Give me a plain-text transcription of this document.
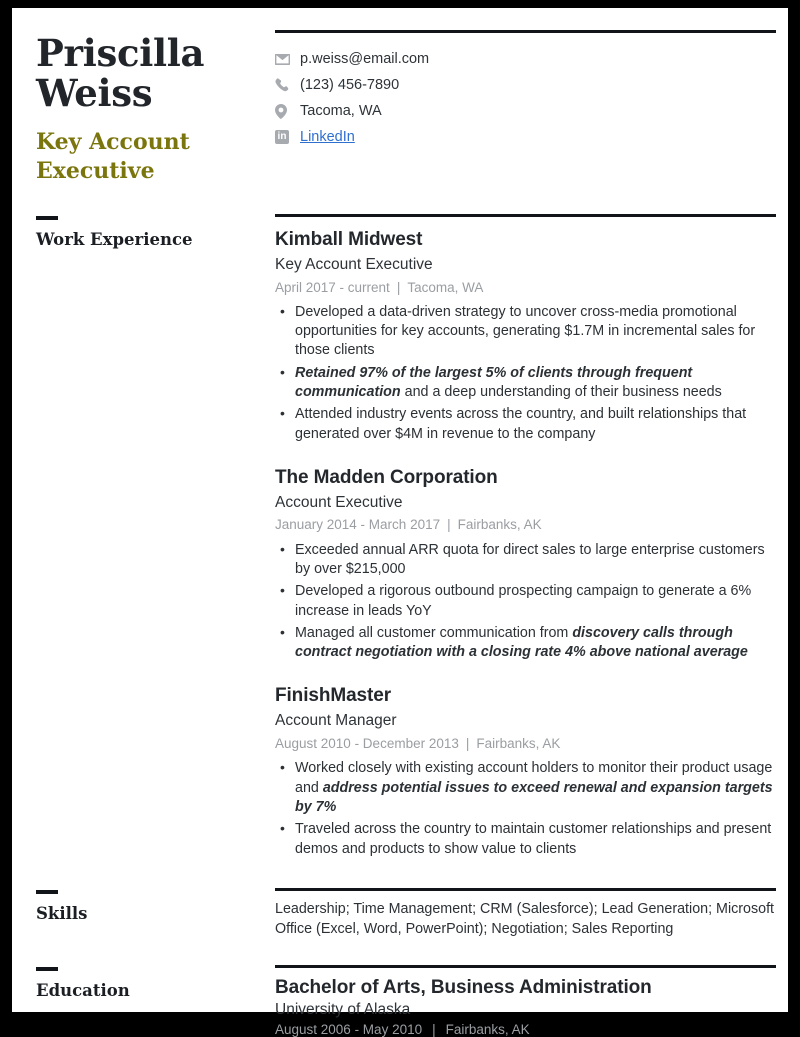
Priscilla
Weiss
Key Account
Executive
p.weiss@email.com
(123) 456-7890
Tacoma, WA
in LinkedIn
Work Experience	Kimball Midwest
Key Account Executive
April 2017 - current | Tacoma, WA
• Developed a data-driven strategy to uncover cross-media promotional opportunities for key accounts, generating $1.7M in incremental sales for those clients
• Retained 97% of the largest 5% of clients through frequent communication and a deep understanding of their business needs
• Attended industry events across the country, and built relationships that generated over $4M in revenue to the company
The Madden Corporation
Account Executive
January 2014 - March 2017 | Fairbanks, AK
• Exceeded annual ARR quota for direct sales to large enterprise customers by over $215,000
• Developed a rigorous outbound prospecting campaign to generate a 6% increase in leads YoY
• Managed all customer communication from discovery calls through contract negotiation with a closing rate 4% above national average
FinishMaster
Account Manager
August 2010 - December 2013 | Fairbanks, AK
• Worked closely with existing account holders to monitor their product usage and address potential issues to exceed renewal and expansion targets by 7%
• Traveled across the country to maintain customer relationships and present demos and products to show value to clients
Skills	Leadership; Time Management; CRM (Salesforce); Lead Generation; Microsoft Office (Excel, Word, PowerPoint); Negotiation; Sales Reporting

Education	Bachelor of Arts, Business Administration
University of Alaska
August 2006 - May 2010 | Fairbanks, AK
